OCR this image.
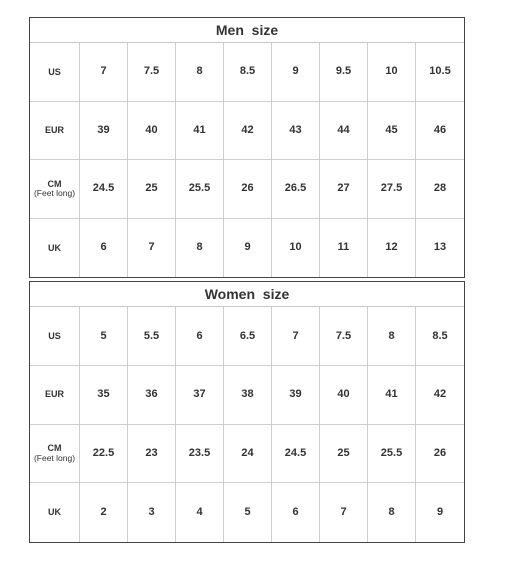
Men  size
US	7	7.5	8	8.5	9	9.5	10	10.5
EUR	39	40	41	42	43	44	45	46
CM
(Feet long)	24.5	25	25.5	26	26.5	27	27.5	28
UK	6	7	8	9	10	11	12	13
Women  size
US	5	5.5	6	6.5	7	7.5	8	8.5
EUR	35	36	37	38	39	40	41	42
CM
(Feet long)	22.5	23	23.5	24	24.5	25	25.5	26
UK	2	3	4	5	6	7	8	9
